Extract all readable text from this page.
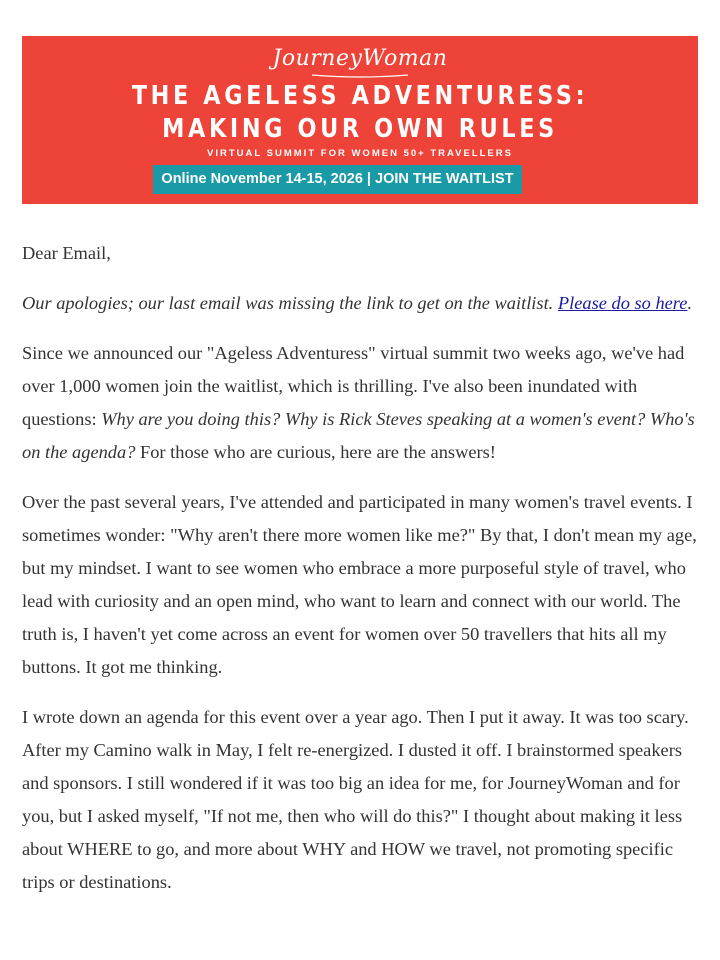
JourneyWoman
THE AGELESS ADVENTURESS:
MAKING OUR OWN RULES
VIRTUAL SUMMIT FOR WOMEN 50+ TRAVELLERS
Online November 14-15, 2026 | JOIN THE WAITLIST

Dear Email,

Our apologies; our last email was missing the link to get on the waitlist. Please do so here.

Since we announced our "Ageless Adventuress" virtual summit two weeks ago, we've had over 1,000 women join the waitlist, which is thrilling. I've also been inundated with questions: Why are you doing this? Why is Rick Steves speaking at a women's event? Who's on the agenda? For those who are curious, here are the answers!

Over the past several years, I've attended and participated in many women's travel events. I sometimes wonder: "Why aren't there more women like me?" By that, I don't mean my age, but my mindset. I want to see women who embrace a more purposeful style of travel, who lead with curiosity and an open mind, who want to learn and connect with our world. The truth is, I haven't yet come across an event for women over 50 travellers that hits all my buttons. It got me thinking.

I wrote down an agenda for this event over a year ago. Then I put it away. It was too scary. After my Camino walk in May, I felt re-energized. I dusted it off. I brainstormed speakers and sponsors. I still wondered if it was too big an idea for me, for JourneyWoman and for you, but I asked myself, "If not me, then who will do this?" I thought about making it less about WHERE to go, and more about WHY and HOW we travel, not promoting specific trips or destinations.
